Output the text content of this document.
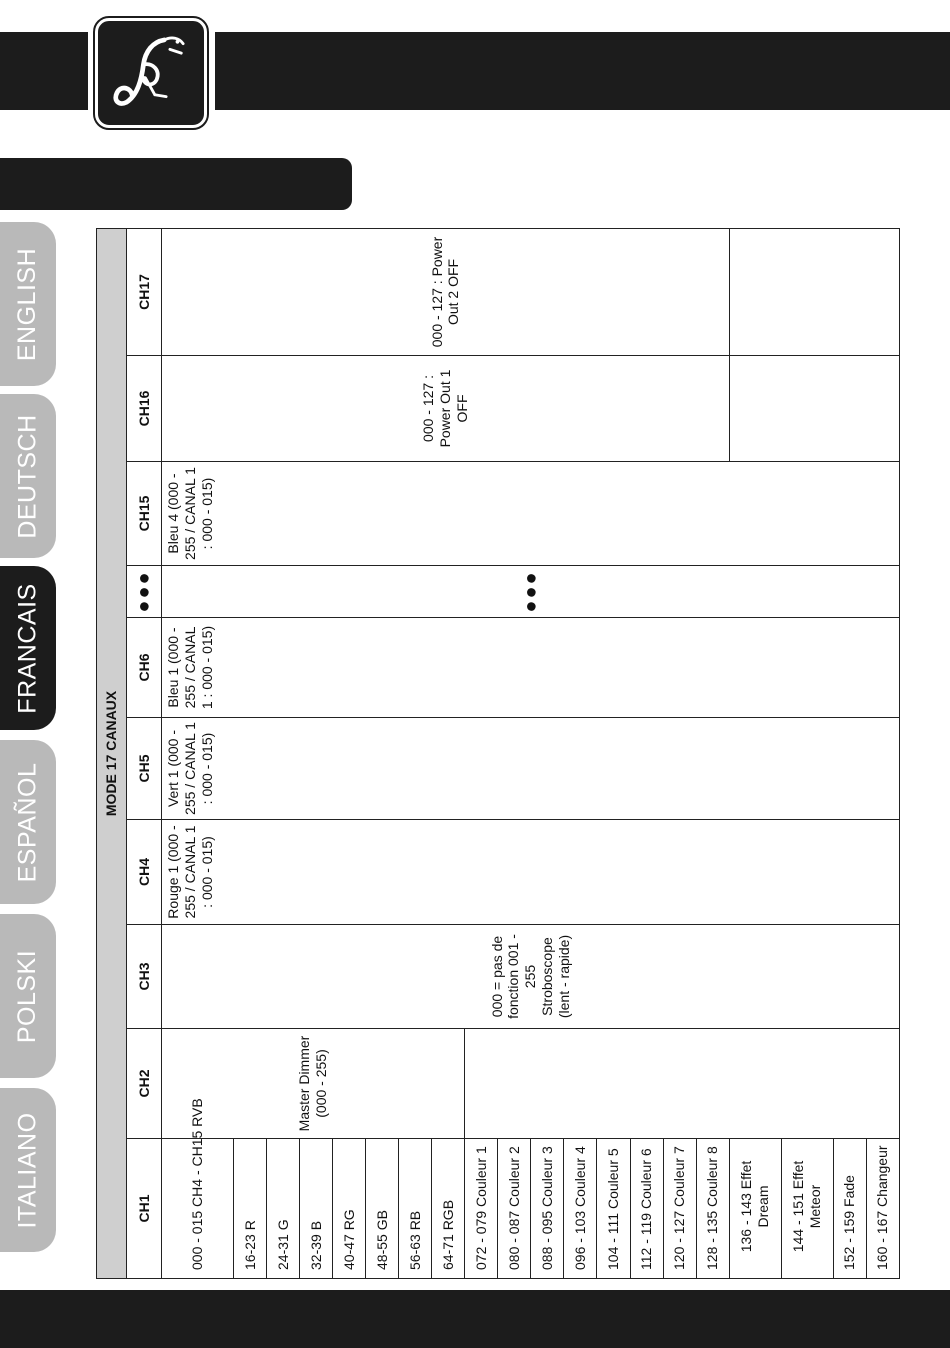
ENGLISH
DEUTSCH
FRANCAIS
ESPAÑOL
POLSKI
ITALIANO
MODE 17 CANAUX									
CH1	CH2	CH3	CH4	CH5	CH6	●●●	CH15	CH16	CH17
000 - 015 CH4 - CH15 RVB	Master Dimmer (000 - 255)	000 = pas de fonction 001 - 255 Stroboscope (lent - rapide)	Rouge 1 (000 - 255 / CANAL 1 : 000 - 015)	Vert 1 (000 - 255 / CANAL 1 : 000 - 015)	Bleu 1 (000 - 255 / CANAL 1 : 000 - 015)	●●●	Bleu 4 (000 - 255 / CANAL 1 : 000 - 015)	000 - 127 : Power Out 1 OFF	000 - 127 : Power Out 2 OFF
16-23 R									
24-31 G									
32-39 B									
40-47 RG									
48-55 GB									
56-63 RB									
64-71 RGB									
072 - 079 Couleur 1									
080 - 087 Couleur 2									
088 - 095 Couleur 3									
096 - 103 Couleur 4									
104 - 111 Couleur 5									
112 - 119 Couleur 6									
120 - 127 Couleur 7									
128 - 135 Couleur 8									
136 - 143 Effet Dream									
144 - 151 Effet Meteor									
152 - 159 Fade									
160 - 167 Changeur									
